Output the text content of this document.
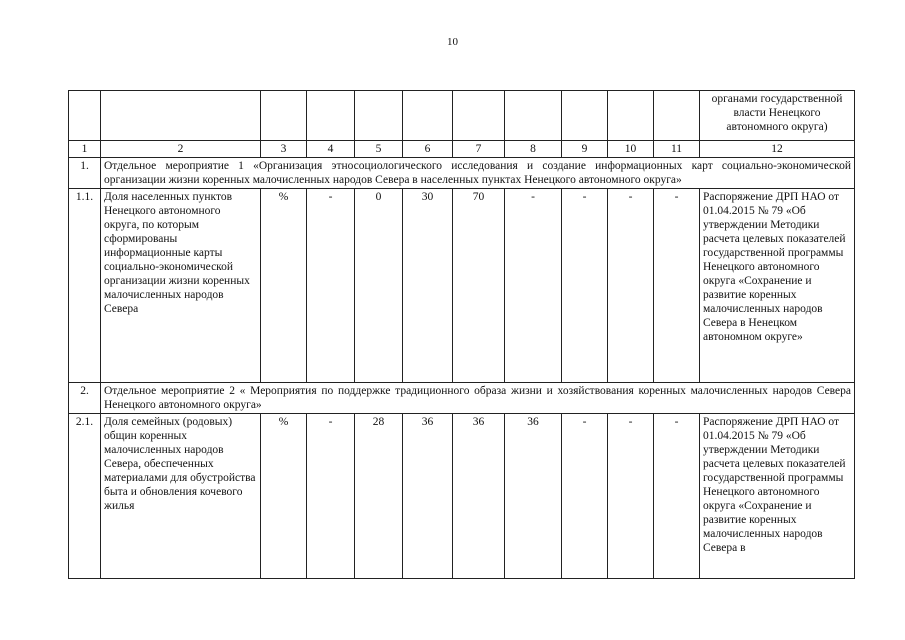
10
											органами государственной власти Ненецкого автономного округа)
1	2	3	4	5	6	7	8	9	10	11	12
1.	Отдельное мероприятие 1 «Организация этносоциологического исследования и создание информационных карт социально-экономической организации жизни коренных малочисленных народов Севера в населенных пунктах Ненецкого автономного округа»										
1.1.	Доля населенных пунктов Ненецкого автономного округа, по которым сформированы информационные карты социально-экономической организации жизни коренных малочисленных народов Севера	%	-	0	30	70	-	-	-	-	Распоряжение ДРП НАО от 01.04.2015 № 79 «Об утверждении Методики расчета целевых показателей государственной программы Ненецкого автономного округа «Сохранение и развитие коренных малочисленных народов Севера в Ненецком автономном округе»
2.	Отдельное мероприятие 2 « Мероприятия по поддержке традиционного образа жизни и хозяйствования коренных малочисленных народов Севера Ненецкого автономного округа»										
2.1.	Доля семейных (родовых) общин коренных малочисленных народов Севера, обеспеченных материалами для обустройства быта и обновления кочевого жилья	%	-	28	36	36	36	-	-	-	Распоряжение ДРП НАО от 01.04.2015 № 79 «Об утверждении Методики расчета целевых показателей государственной программы Ненецкого автономного округа «Сохранение и развитие коренных малочисленных народов Севера в
